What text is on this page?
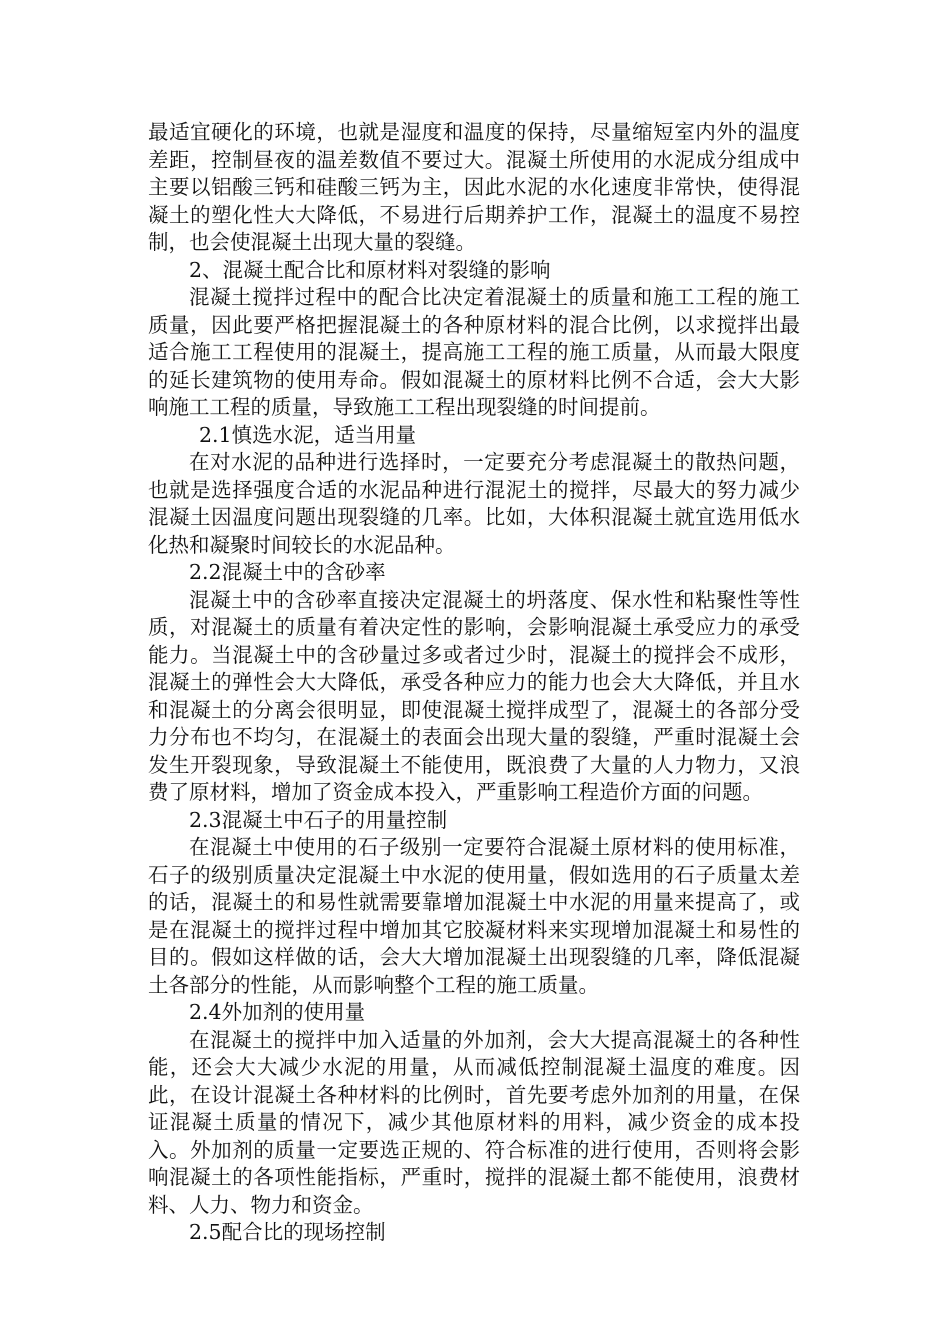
最适宜硬化的环境，也就是湿度和温度的保持，尽量缩短室内外的温度差距，控制昼夜的温差数值不要过大。混凝土所使用的水泥成分组成中主要以铝酸三钙和硅酸三钙为主，因此水泥的水化速度非常快，使得混凝土的塑化性大大降低，不易进行后期养护工作，混凝土的温度不易控制，也会使混凝土出现大量的裂缝。

2、混凝土配合比和原材料对裂缝的影响

混凝土搅拌过程中的配合比决定着混凝土的质量和施工工程的施工质量，因此要严格把握混凝土的各种原材料的混合比例，以求搅拌出最适合施工工程使用的混凝土，提高施工工程的施工质量，从而最大限度的延长建筑物的使用寿命。假如混凝土的原材料比例不合适，会大大影响施工工程的质量，导致施工工程出现裂缝的时间提前。

2.1慎选水泥，适当用量

在对水泥的品种进行选择时，一定要充分考虑混凝土的散热问题，也就是选择强度合适的水泥品种进行混泥土的搅拌，尽最大的努力减少混凝土因温度问题出现裂缝的几率。比如，大体积混凝土就宜选用低水化热和凝聚时间较长的水泥品种。

2.2混凝土中的含砂率

混凝土中的含砂率直接决定混凝土的坍落度、保水性和粘聚性等性质，对混凝土的质量有着决定性的影响，会影响混凝土承受应力的承受能力。当混凝土中的含砂量过多或者过少时，混凝土的搅拌会不成形，混凝土的弹性会大大降低，承受各种应力的能力也会大大降低，并且水和混凝土的分离会很明显，即使混凝土搅拌成型了，混凝土的各部分受力分布也不均匀，在混凝土的表面会出现大量的裂缝，严重时混凝土会发生开裂现象，导致混凝土不能使用，既浪费了大量的人力物力，又浪费了原材料，增加了资金成本投入，严重影响工程造价方面的问题。

2.3混凝土中石子的用量控制

在混凝土中使用的石子级别一定要符合混凝土原材料的使用标准，石子的级别质量决定混凝土中水泥的使用量，假如选用的石子质量太差的话，混凝土的和易性就需要靠增加混凝土中水泥的用量来提高了，或是在混凝土的搅拌过程中增加其它胶凝材料来实现增加混凝土和易性的目的。假如这样做的话，会大大增加混凝土出现裂缝的几率，降低混凝土各部分的性能，从而影响整个工程的施工质量。

2.4外加剂的使用量

在混凝土的搅拌中加入适量的外加剂，会大大提高混凝土的各种性能，还会大大减少水泥的用量，从而减低控制混凝土温度的难度。因此，在设计混凝土各种材料的比例时，首先要考虑外加剂的用量，在保证混凝土质量的情况下，减少其他原材料的用料，减少资金的成本投入。外加剂的质量一定要选正规的、符合标准的进行使用，否则将会影响混凝土的各项性能指标，严重时，搅拌的混凝土都不能使用，浪费材料、人力、物力和资金。

2.5配合比的现场控制
